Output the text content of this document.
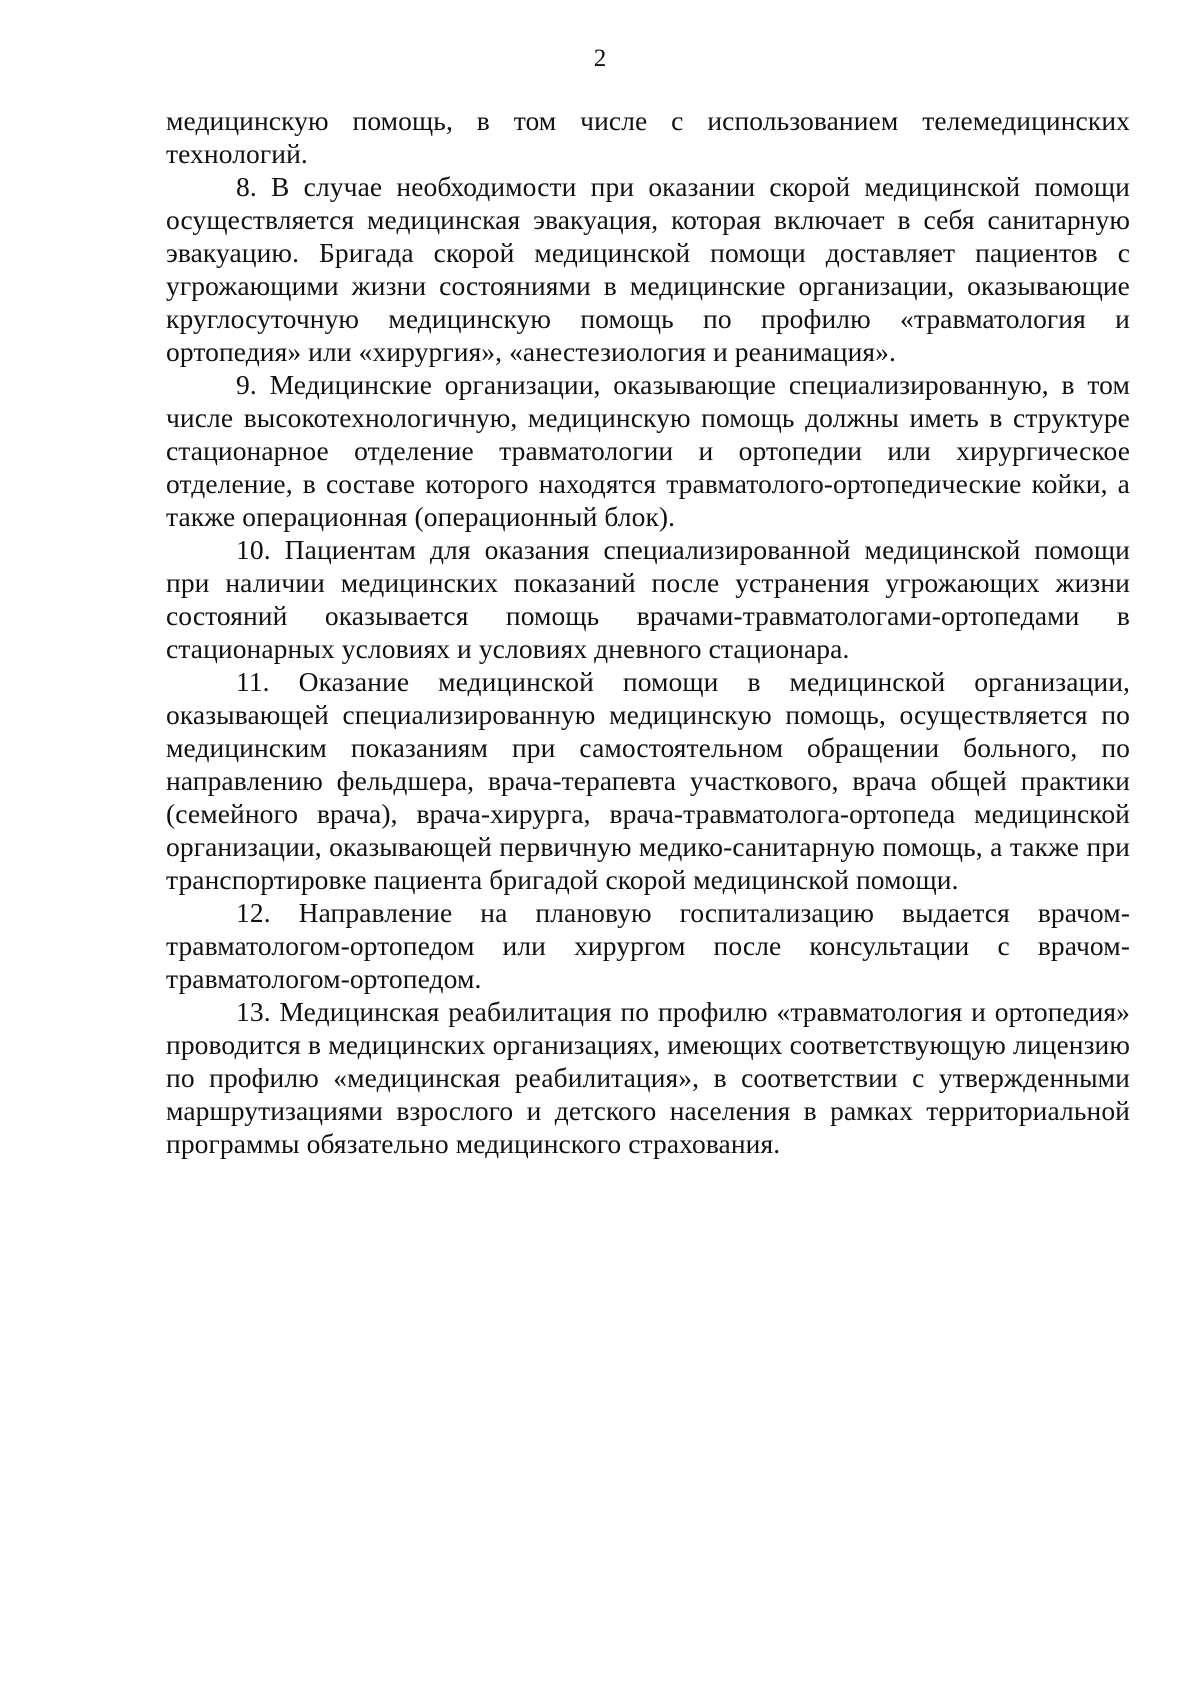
2

медицинскую помощь, в том числе с использованием телемедицинских технологий.

8. В случае необходимости при оказании скорой медицинской помощи осуществляется медицинская эвакуация, которая включает в себя санитарную эвакуацию. Бригада скорой медицинской помощи доставляет пациентов с угрожающими жизни состояниями в медицинские организации, оказывающие круглосуточную медицинскую помощь по профилю «травматология и ортопедия» или «хирургия», «анестезиология и реанимация».

9. Медицинские организации, оказывающие специализированную, в том числе высокотехнологичную, медицинскую помощь должны иметь в структуре стационарное отделение травматологии и ортопедии или хирургическое отделение, в составе которого находятся травматолого-ортопедические койки, а также операционная (операционный блок).

10. Пациентам для оказания специализированной медицинской помощи при наличии медицинских показаний после устранения угрожающих жизни состояний оказывается помощь врачами-травматологами-ортопедами в стационарных условиях и условиях дневного стационара.

11. Оказание медицинской помощи в медицинской организации, оказывающей специализированную медицинскую помощь, осуществляется по медицинским показаниям при самостоятельном обращении больного, по направлению фельдшера, врача-терапевта участкового, врача общей практики (семейного врача), врача-хирурга, врача-травматолога-ортопеда медицинской организации, оказывающей первичную медико-санитарную помощь, а также при транспортировке пациента бригадой скорой медицинской помощи.

12. Направление на плановую госпитализацию выдается врачом-травматологом-ортопедом или хирургом после консультации с врачом-травматологом-ортопедом.

13. Медицинская реабилитация по профилю «травматология и ортопедия» проводится в медицинских организациях, имеющих соответствующую лицензию по профилю «медицинская реабилитация», в соответствии с утвержденными маршрутизациями взрослого и детского населения в рамках территориальной программы обязательно медицинского страхования.
